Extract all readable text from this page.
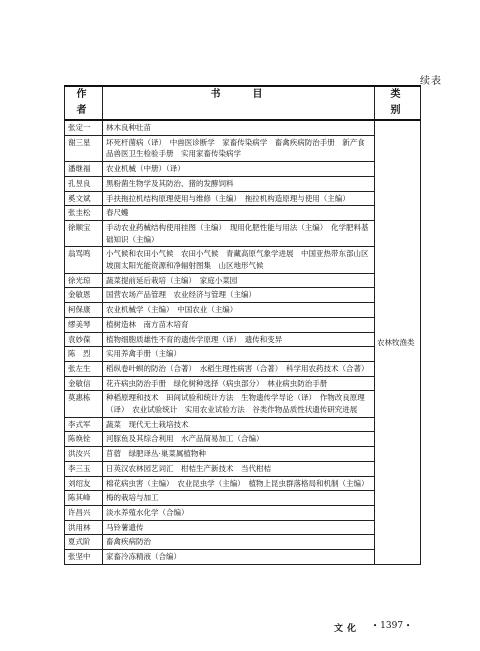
续表
作　者	书　　目	类　别
张定一	林木良种壮苗	农林牧渔类
谢三星	坏死杆菌病（译）　中兽医诊断学　家畜传染病学　畜禽疾病防治手册　新产食品兽医卫生检验手册　实用家畜传染病学	
潘继福	农业机械（中册）（译）	
孔昱良	黑粉菌生物学及其防治、猪的发酵饲料	
奚文斌	手扶拖拉机结构原理使用与维修（主编）　拖拉机构造原理与使用（主编）	
张圭松	春尺蠖	
徐顺宝	手动农业药械结构使用挂图（主编）　现用化肥性能与用法（主编）　化学肥料基础知识（主编）	
翁骂鸣	小气候和农田小气候　农田小气候　青藏高原气象学进展　中国亚热带东部山区坡面太阳光能资源和净辐射图集　山区地形气候	
徐光琼	蔬菜提前延后栽培（主编）　家庭小菜园	
金敏恩	国营农场产品管理　农业经济与管理（主编）	
柯保康	农业机械学（主编）　中国农业（主编）	
缪美琴	植树造林　南方苗木培育	
袁妙葆	植物细胞质雄性不育的遗传学原理（译）　遗传和变异	
陈　烈	实用养禽手册（主编）	
张左生	稻纵卷叶螟的防治（合著）　水稻生理性病害（合著）　科学用农药技术（合著）	
金敏信	花卉病虫防治手册　绿化树种选择（病虫部分）　林业病虫防治手册	
莫惠栋	种稻原理和技术　田间试验和统计方法　生物遗传学导论（译）　作物改良原理（译）　农业试验统计　实用农业试验方法　谷类作物品质性状遗传研究进展	
李式军	蔬菜　现代无土栽培技术	
陈焕铨	河豚鱼及其综合利用　水产品简易加工（合编）	
洪汝兴	苜蓿　绿肥译丛·巢菜属植物种	
李三玉	日英汉农林园艺词汇　柑桔生产新技术　当代柑桔	
刘绍友	棉花病虫害（主编）　农业昆虫学（主编）　植物上昆虫群落格局和机制（主编）	
陈其峰	梅的栽培与加工	
许昌兴	淡水养殖水化学（合编）	
洪用林	马铃薯遗传	
夏式阶	畜禽疾病防治	
张坚中	家畜冷冻精液（合编）	
文化	• 1397 •
